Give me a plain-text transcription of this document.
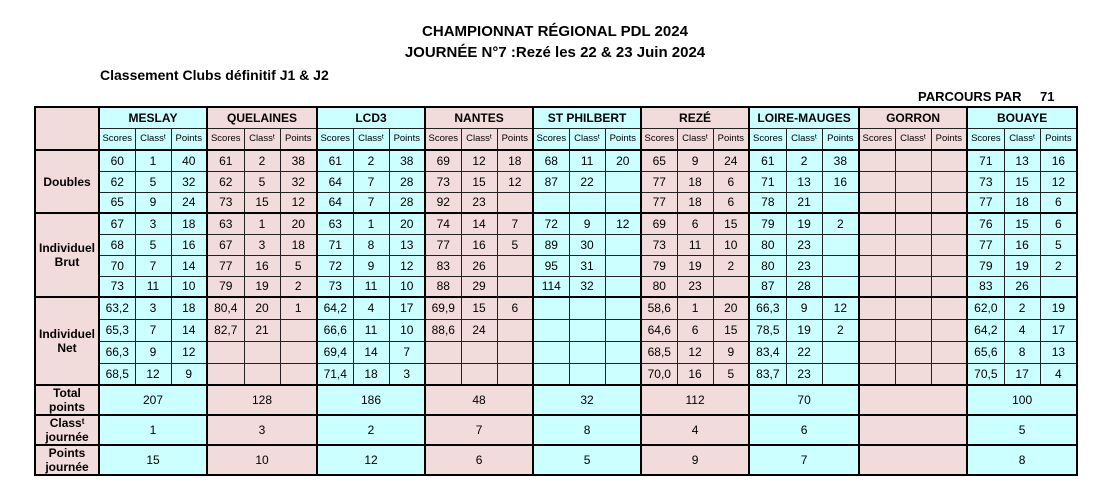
CHAMPIONNAT RÉGIONAL PDL 2024
JOURNÉE N°7 :Rezé les 22 & 23 Juin 2024
Classement Clubs définitif J1 & J2
PARCOURS PAR 71
	MESLAY			QUELAINES			LCD3			NANTES			ST PHILBERT			REZÉ			LOIRE-MAUGES			GORRON			BOUAYE		
	Scores	Classᵗ	Points	Scores	Classᵗ	Points	Scores	Classᵗ	Points	Scores	Classᵗ	Points	Scores	Classᵗ	Points	Scores	Classᵗ	Points	Scores	Classᵗ	Points	Scores	Classᵗ	Points	Scores	Classᵗ	Points
Doubles	60	1	40	61	2	38	61	2	38	69	12	18	68	11	20	65	9	24	61	2	38				71	13	16
	62	5	32	62	5	32	64	7	28	73	15	12	87	22		77	18	6	71	13	16				73	15	12
	65	9	24	73	15	12	64	7	28	92	23					77	18	6	78	21					77	18	6
Individuel Brut	67	3	18	63	1	20	63	1	20	74	14	7	72	9	12	69	6	15	79	19	2				76	15	6
	68	5	16	67	3	18	71	8	13	77	16	5	89	30		73	11	10	80	23					77	16	5
	70	7	14	77	16	5	72	9	12	83	26		95	31		79	19	2	80	23					79	19	2
	73	11	10	79	19	2	73	11	10	88	29		114	32		80	23		87	28					83	26	
Individuel Net	63,2	3	18	80,4	20	1	64,2	4	17	69,9	15	6				58,6	1	20	66,3	9	12				62,0	2	19
	65,3	7	14	82,7	21		66,6	11	10	88,6	24					64,6	6	15	78,5	19	2				64,2	4	17
	66,3	9	12				69,4	14	7							68,5	12	9	83,4	22					65,6	8	13
	68,5	12	9				71,4	18	3							70,0	16	5	83,7	23					70,5	17	4
Total points	207			128			186			48			32			112			70						100		
Classᵗ journée	1			3			2			7			8			4			6						5		
Points journée	15			10			12			6			5			9			7						8		
